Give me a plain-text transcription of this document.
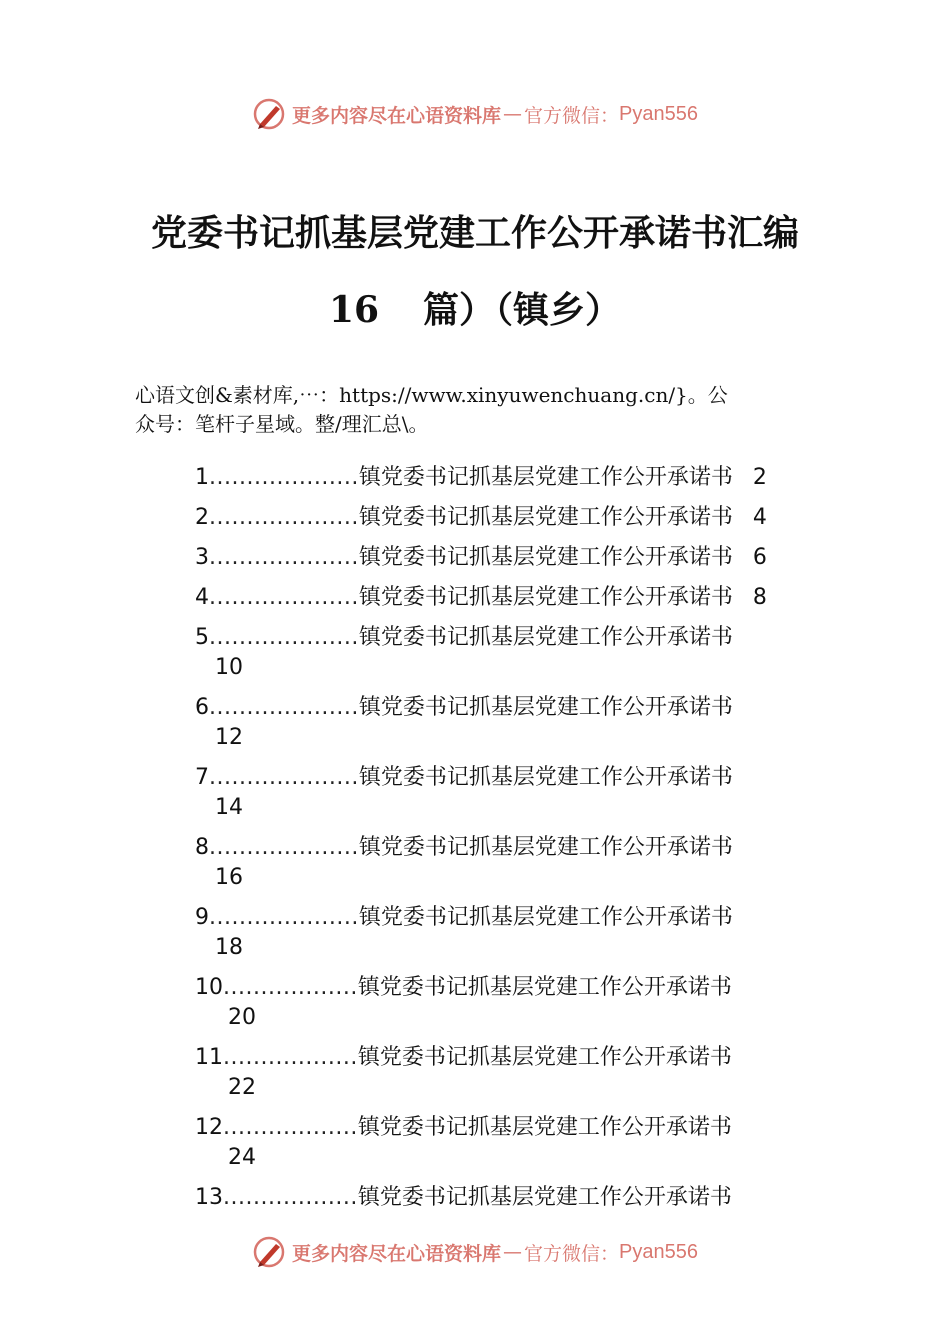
更多内容尽在心语资料库 — 官方微信： Pyan556
党委书记抓基层党建工作公开承诺书汇编
16 篇）（镇乡）

心语文创&素材库,⋯：https://www.xinyuwenchuang.cn/}。公
众号：笔杆子星域。整/理汇总\。

1 .................... 镇党委书记抓基层党建工作公开承诺书 2
2 .................... 镇党委书记抓基层党建工作公开承诺书 4
3 .................... 镇党委书记抓基层党建工作公开承诺书 6
4 .................... 镇党委书记抓基层党建工作公开承诺书 8
5 .................... 镇党委书记抓基层党建工作公开承诺书
10
6 .................... 镇党委书记抓基层党建工作公开承诺书
12
7 .................... 镇党委书记抓基层党建工作公开承诺书
14
8 .................... 镇党委书记抓基层党建工作公开承诺书
16
9 .................... 镇党委书记抓基层党建工作公开承诺书
18
10 .................. 镇党委书记抓基层党建工作公开承诺书
20
11 .................. 镇党委书记抓基层党建工作公开承诺书
22
12 .................. 镇党委书记抓基层党建工作公开承诺书
24
13 .................. 镇党委书记抓基层党建工作公开承诺书
更多内容尽在心语资料库 — 官方微信： Pyan556
